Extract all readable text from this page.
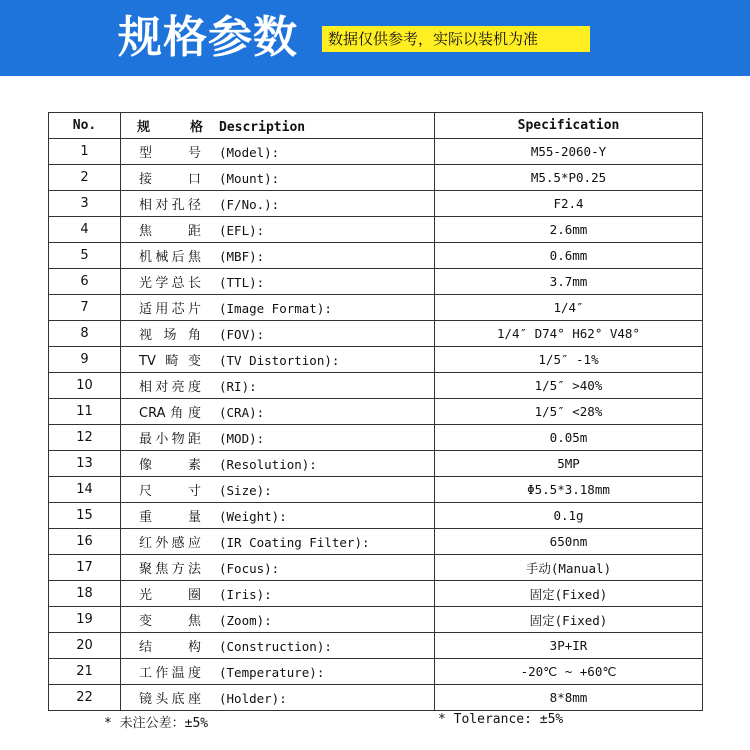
规格参数	数据仅供参考，实际以装机为准
No.	规格 Description	Specification
1	型号 (Model):	M55-2060-Y
2	接口 (Mount):	M5.5*P0.25
3	相对孔径 (F/No.):	F2.4
4	焦距 (EFL):	2.6mm
5	机械后焦 (MBF):	0.6mm
6	光学总长 (TTL):	3.7mm
7	适用芯片 (Image Format):	1/4″
8	视场角 (FOV):	1/4″ D74° H62° V48°
9	TV畸变 (TV Distortion):	1/5″ -1%
10	相对亮度 (RI):	1/5″ >40%
11	CRA角度 (CRA):	1/5″ <28%
12	最小物距 (MOD):	0.05m
13	像素 (Resolution):	5MP
14	尺寸 (Size):	Φ5.5*3.18mm
15	重量 (Weight):	0.1g
16	红外感应 (IR Coating Filter):	650nm
17	聚焦方法 (Focus):	手动(Manual)
18	光圈 (Iris):	固定(Fixed)
19	变焦 (Zoom):	固定(Fixed)
20	结构 (Construction):	3P+IR
21	工作温度 (Temperature):	-20℃ ~ +60℃
22	镜头底座 (Holder):	8*8mm
* 未注公差：±5%	* Tolerance: ±5%
